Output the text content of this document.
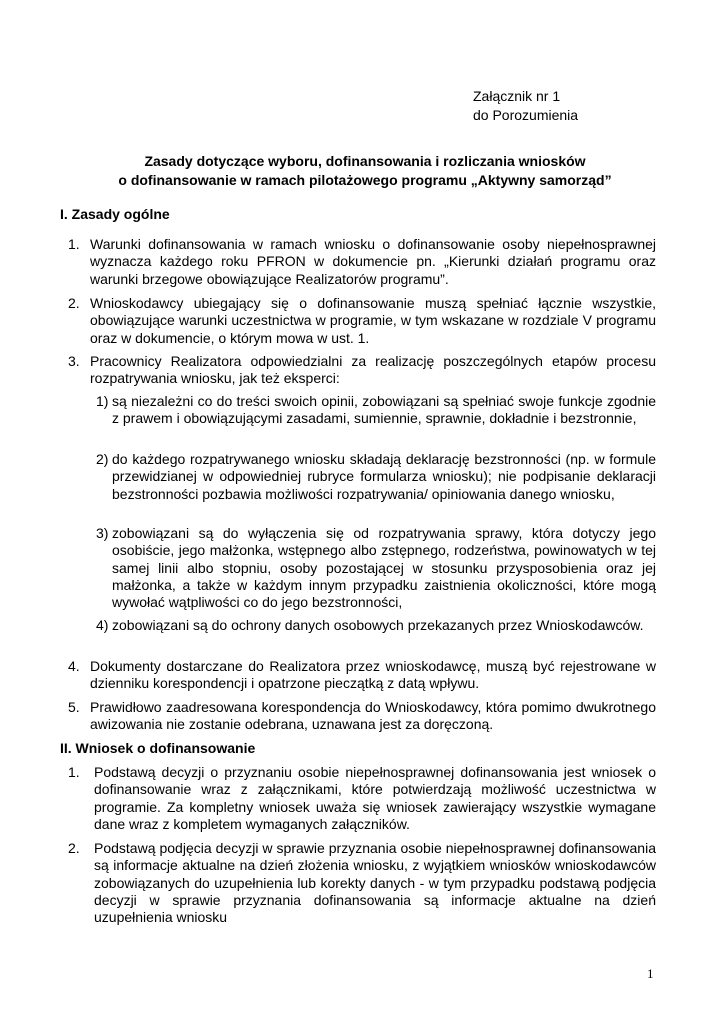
Załącznik nr 1
do Porozumienia
Zasady dotyczące wyboru, dofinansowania i rozliczania wniosków
o dofinansowanie w ramach pilotażowego programu „Aktywny samorząd”
I. Zasady ogólne
1. Warunki dofinansowania w ramach wniosku o dofinansowanie osoby niepełnosprawnej wyznacza każdego roku PFRON w dokumencie pn. „Kierunki działań programu oraz warunki brzegowe obowiązujące Realizatorów programu”.
2. Wnioskodawcy ubiegający się o dofinansowanie muszą spełniać łącznie wszystkie, obowiązujące warunki uczestnictwa w programie, w tym wskazane w rozdziale V programu oraz w dokumencie, o którym mowa w ust. 1.
3. Pracownicy Realizatora odpowiedzialni za realizację poszczególnych etapów procesu rozpatrywania wniosku, jak też eksperci:
1) są niezależni co do treści swoich opinii, zobowiązani są spełniać swoje funkcje zgodnie z prawem i obowiązującymi zasadami, sumiennie, sprawnie, dokładnie i bezstronnie,
2) do każdego rozpatrywanego wniosku składają deklarację bezstronności (np. w formule przewidzianej w odpowiedniej rubryce formularza wniosku); nie podpisanie deklaracji bezstronności pozbawia możliwości rozpatrywania/ opiniowania danego wniosku,
3) zobowiązani są do wyłączenia się od rozpatrywania sprawy, która dotyczy jego osobiście, jego małżonka, wstępnego albo zstępnego, rodzeństwa, powinowatych w tej samej linii albo stopniu, osoby pozostającej w stosunku przysposobienia oraz jej małżonka, a także w każdym innym przypadku zaistnienia okoliczności, które mogą wywołać wątpliwości co do jego bezstronności,
4) zobowiązani są do ochrony danych osobowych przekazanych przez Wnioskodawców.
4. Dokumenty dostarczane do Realizatora przez wnioskodawcę, muszą być rejestrowane w dzienniku korespondencji i opatrzone pieczątką z datą wpływu.
5. Prawidłowo zaadresowana korespondencja do Wnioskodawcy, która pomimo dwukrotnego awizowania nie zostanie odebrana, uznawana jest za doręczoną.
II. Wniosek o dofinansowanie
1. Podstawą decyzji o przyznaniu osobie niepełnosprawnej dofinansowania jest wniosek o dofinansowanie wraz z załącznikami, które potwierdzają możliwość uczestnictwa w programie. Za kompletny wniosek uważa się wniosek zawierający wszystkie wymagane dane wraz z kompletem wymaganych załączników.
2. Podstawą podjęcia decyzji w sprawie przyznania osobie niepełnosprawnej dofinansowania są informacje aktualne na dzień złożenia wniosku, z wyjątkiem wniosków wnioskodawców zobowiązanych do uzupełnienia lub korekty danych - w tym przypadku podstawą podjęcia decyzji w sprawie przyznania dofinansowania są informacje aktualne na dzień uzupełnienia wniosku
1
